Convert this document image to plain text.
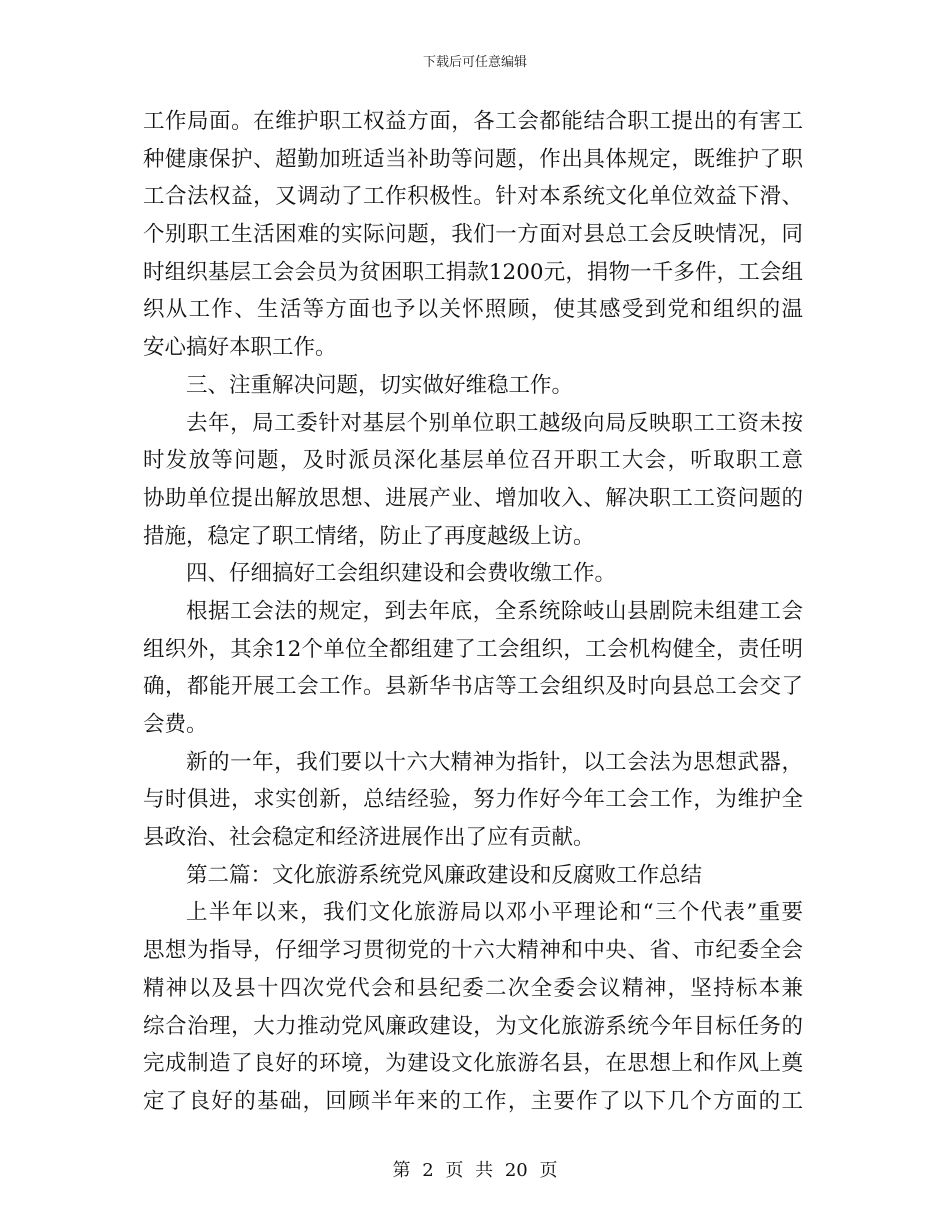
下载后可任意编辑
工作局面。在维护职工权益方面，各工会都能结合职工提出的有害工
种健康保护、超勤加班适当补助等问题，作出具体规定，既维护了职
工合法权益，又调动了工作积极性。针对本系统文化单位效益下滑、
个别职工生活困难的实际问题，我们一方面对县总工会反映情况，同
时组织基层工会会员为贫困职工捐款1200元，捐物一千多件，工会组
织从工作、生活等方面也予以关怀照顾，使其感受到党和组织的温
安心搞好本职工作。
三、注重解决问题，切实做好维稳工作。
去年，局工委针对基层个别单位职工越级向局反映职工工资未按
时发放等问题，及时派员深化基层单位召开职工大会，听取职工意
协助单位提出解放思想、进展产业、增加收入、解决职工工资问题的
措施，稳定了职工情绪，防止了再度越级上访。
四、仔细搞好工会组织建设和会费收缴工作。
根据工会法的规定，到去年底，全系统除岐山县剧院未组建工会
组织外，其余12个单位全都组建了工会组织，工会机构健全，责任明
确，都能开展工会工作。县新华书店等工会组织及时向县总工会交了
会费。
新的一年，我们要以十六大精神为指针，以工会法为思想武器，
与时俱进，求实创新，总结经验，努力作好今年工会工作，为维护全
县政治、社会稳定和经济进展作出了应有贡献。
第二篇：文化旅游系统党风廉政建设和反腐败工作总结
上半年以来，我们文化旅游局以邓小平理论和“三个代表”重要
思想为指导，仔细学习贯彻党的十六大精神和中央、省、市纪委全会
精神以及县十四次党代会和县纪委二次全委会议精神，坚持标本兼
综合治理，大力推动党风廉政建设，为文化旅游系统今年目标任务的
完成制造了良好的环境，为建设文化旅游名县，在思想上和作风上奠
定了良好的基础，回顾半年来的工作，主要作了以下几个方面的工
第 2 页 共 20 页
